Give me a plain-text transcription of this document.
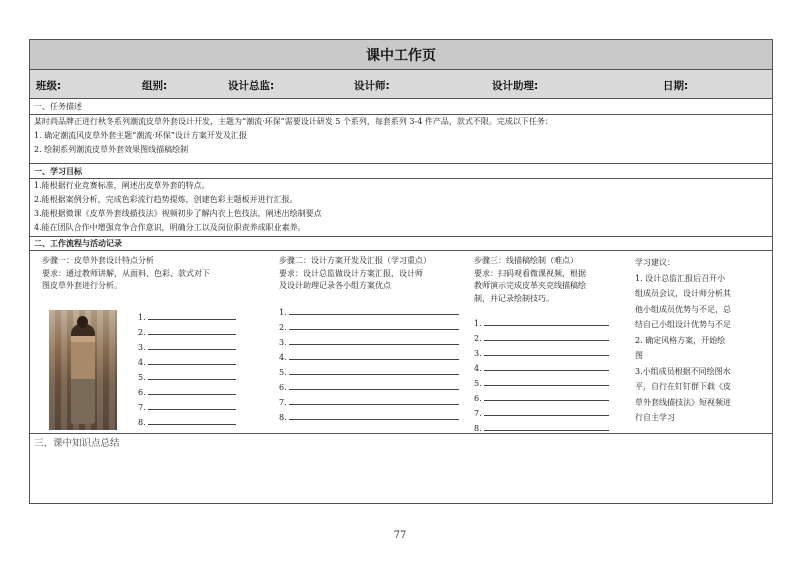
课中工作页
班级:	组别:	设计总监:	设计师:	设计助理:	日期:
一、任务描述
某时尚品牌正进行秋冬系列潮流皮草外套设计开发，主题为“潮流·环保”需要设计研发 5 个系列，每套系列 3-4 件产品，款式不限。完成以下任务：
1. 确定潮流风皮草外套主题“潮流·环保”设计方案开发及汇报
2. 绘制系列潮流皮草外套效果图线描稿绘制
一、学习目标
1.能根据行业竞赛标准，阐述出皮草外套的特点。
2.能根据案例分析，完成色彩流行趋势提炼，创建色彩主题板并进行汇报。
3.能根据微课《皮草外套线描技法》视频初步了解内衣上色技法，阐述出绘制要点
4.能在团队合作中增强竞争合作意识，明确分工以及岗位职责养成职业素养。
二、工作流程与活动记录
步骤一：皮草外套设计特点分析
要求：通过教师讲解，从面料、色彩、款式对下
图皮草外套进行分析。
1.
2.
3.
4.
5.
6.
7.
8.
步骤二：设计方案开发及汇报（学习重点）
要求：设计总监做设计方案汇报，设计师
及设计助理记录各小组方案优点
1.
2.
3.
4.
5.
6.
7.
8.
步骤三：线描稿绘制（难点）
要求：扫码观看微课视频，根据
教师演示完成皮革夹克线描稿绘
制，并记录绘制技巧。
1.
2.
3.
4.
5.
6.
7.
8.
学习建议：
1. 设计总监汇报后召开小
组成员会议，设计师分析其
他小组成员优势与不足，总
结自己小组设计优势与不足
2. 确定风格方案，开始绘
图
3.小组成员根据不同绘图水
平，自行在钉钉群下载《皮
草外套线描技法》短视频进
行自主学习
三、课中知识点总结
77
